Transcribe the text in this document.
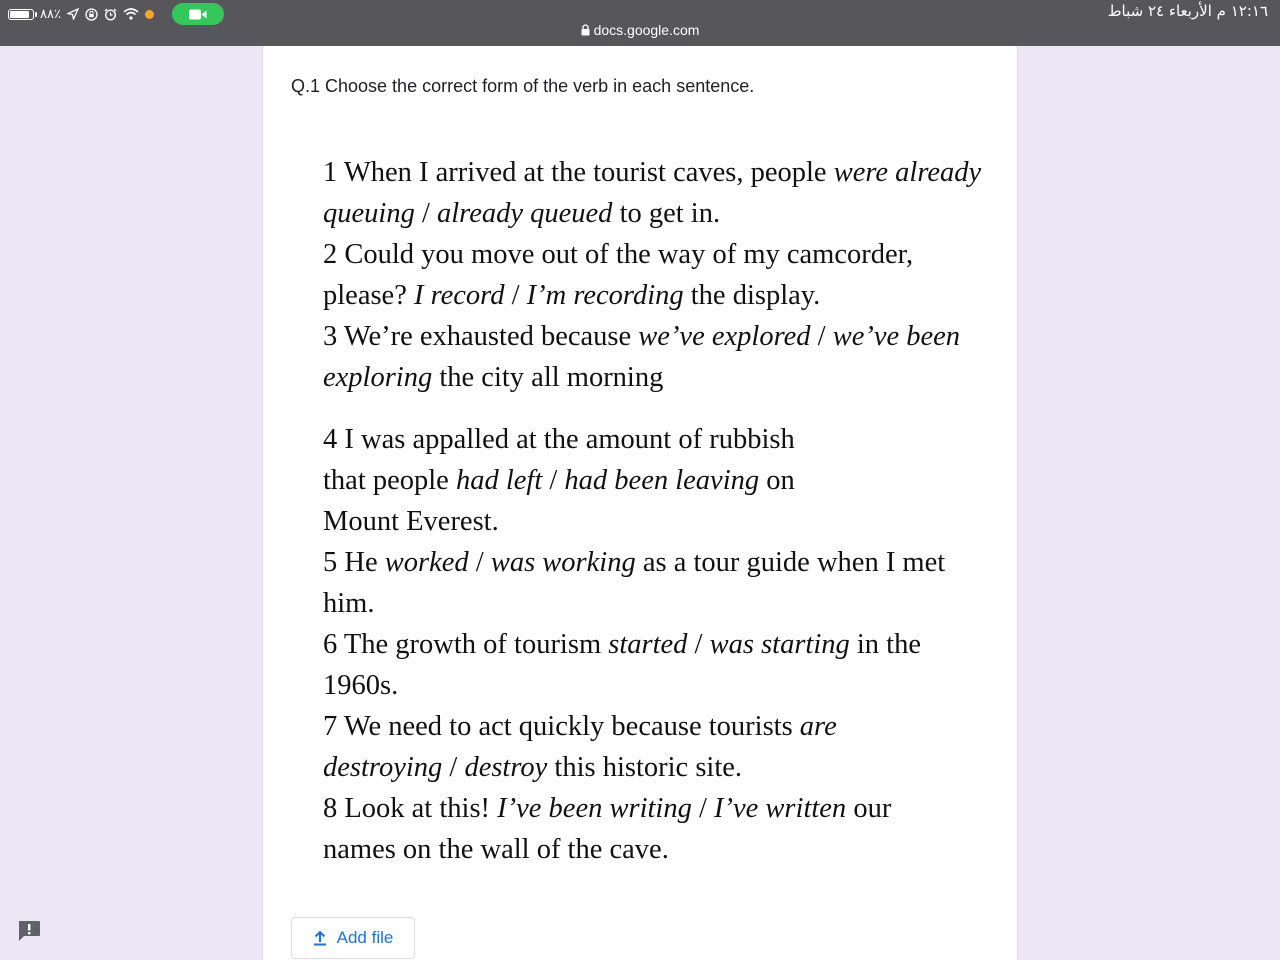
٨٨٪	١٢:١٦ م الأربعاء ٢٤ شباط
docs.google.com
Q.1 Choose the correct form of the verb in each sentence.

1 When I arrived at the tourist caves, people were already queuing / already queued to get in.

2 Could you move out of the way of my camcorder, please? I record / I’m recording the display.

3 We’re exhausted because we’ve explored / we’ve been exploring the city all morning

4 I was appalled at the amount of rubbish that people had left / had been leaving on Mount Everest.

5 He worked / was working as a tour guide when I met him.

6 The growth of tourism started / was starting in the 1960s.

7 We need to act quickly because tourists are destroying / destroy this historic site.

8 Look at this! I’ve been writing / I’ve written our names on the wall of the cave.

Add file
